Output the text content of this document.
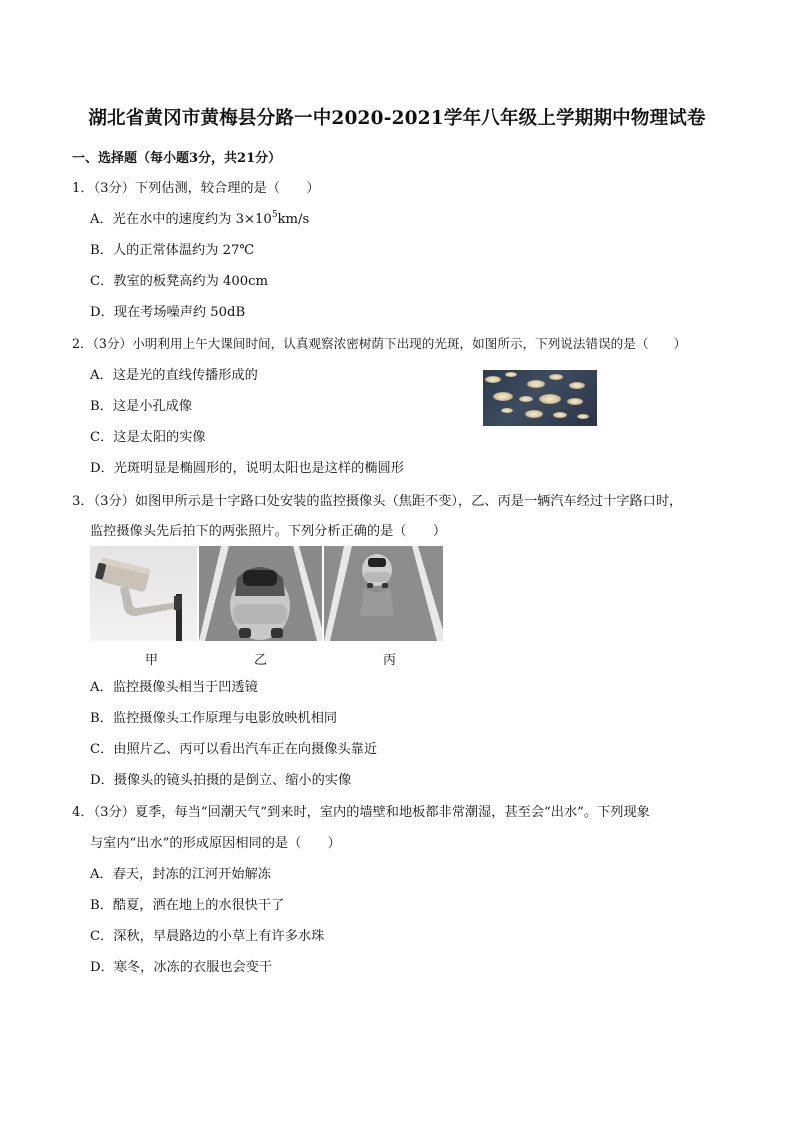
湖北省黄冈市黄梅县分路一中2020-2021学年八年级上学期期中物理试卷
一、选择题（每小题3分，共21分）
1．（3分）下列估测，较合理的是（　　）
A．光在水中的速度约为 $3\times 10^5km/s$
B．人的正常体温约为 27℃
C．教室的板凳高约为 400cm
D．现在考场噪声约 50dB
2．（3分）小明利用上午大课间时间，认真观察浓密树荫下出现的光斑，如图所示，下列说法错误的是（　　）
A．这是光的直线传播形成的
B．这是小孔成像
C．这是太阳的实像
D．光斑明显是椭圆形的，说明太阳也是这样的椭圆形
3．（3分）如图甲所示是十字路口处安装的监控摄像头（焦距不变），乙、丙是一辆汽车经过十字路口时，
监控摄像头先后拍下的两张照片。下列分析正确的是（　　）
甲	乙	丙
A．监控摄像头相当于凹透镜
B．监控摄像头工作原理与电影放映机相同
C．由照片乙、丙可以看出汽车正在向摄像头靠近
D．摄像头的镜头拍摄的是倒立、缩小的实像
4．（3分）夏季，每当“回潮天气”到来时，室内的墙壁和地板都非常潮湿，甚至会“出水”。下列现象
与室内“出水”的形成原因相同的是（　　）
A．春天，封冻的江河开始解冻
B．酷夏，洒在地上的水很快干了
C．深秋，早晨路边的小草上有许多水珠
D．寒冬，冰冻的衣服也会变干
